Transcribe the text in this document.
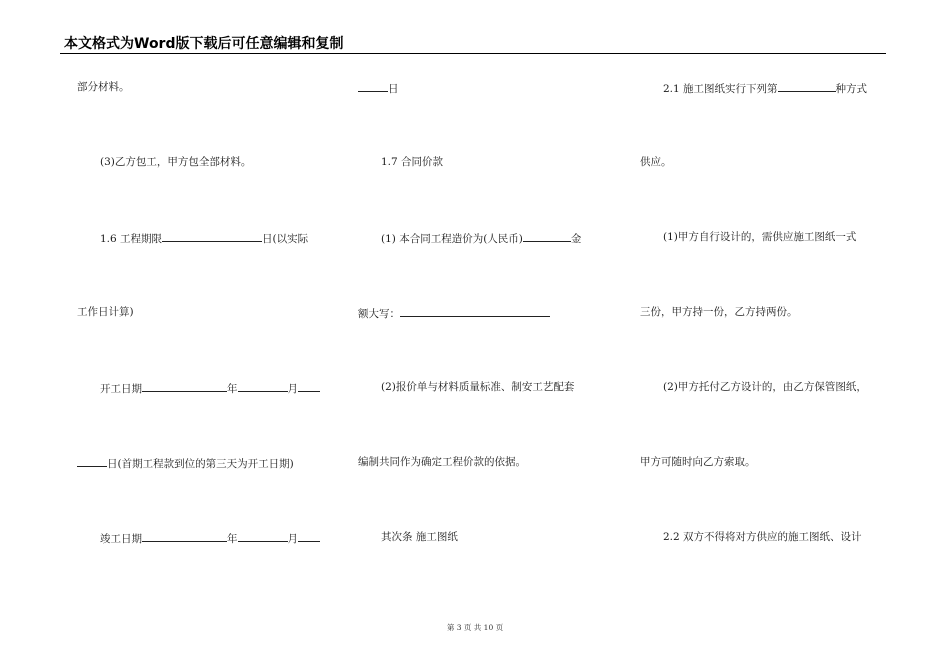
本文格式为Word版下载后可任意编辑和复制
部分材料。
(3)乙方包工，甲方包全部材料。
1.6 工程期限	日(以实际
工作日计算)
开工日期	年	月
日(首期工程款到位的第三天为开工日期)
竣工日期	年	月
日
1.7 合同价款
(1) 本合同工程造价为(人民币)	金
额大写：
(2)报价单与材料质量标准、制安工艺配套
编制共同作为确定工程价款的依据。
其次条 施工图纸
2.1 施工图纸实行下列第	种方式
供应。
(1)甲方自行设计的，需供应施工图纸一式
三份，甲方持一份，乙方持两份。
(2)甲方托付乙方设计的，由乙方保管图纸，
甲方可随时向乙方索取。
2.2 双方不得将对方供应的施工图纸、设计
第 3 页 共 10 页
